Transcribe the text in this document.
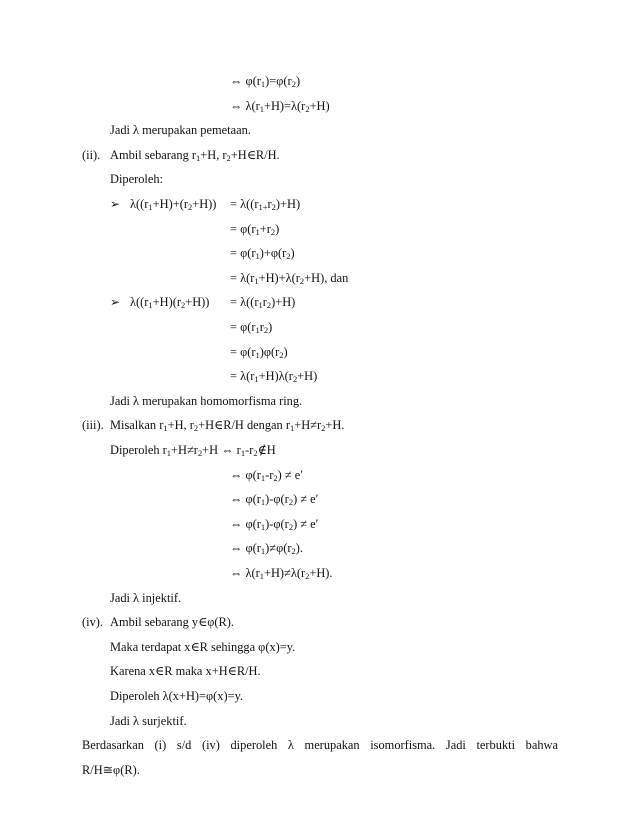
⇔ $\varphi(r_1)=\varphi(r_2)$
⇔ $\lambda(r_1+H)=\lambda(r_2+H)$
Jadi λ merupakan pemetaan.
(ii). Ambil sebarang $r_1+H$, $r_2+H\in R/H$.
Diperoleh:
➢ $\lambda((r_1+H)+(r_2+H)) = \lambda((r_{1+}r_2)+H)$
= $\varphi(r_1+r_2)$
= $\varphi(r_1)+\varphi(r_2)$
= $\lambda(r_1+H)+\lambda(r_2+H)$, dan
➢ $\lambda((r_1+H)(r_2+H)) = \lambda((r_1r_2)+H)$
= $\varphi(r_1r_2)$
= $\varphi(r_1)\varphi(r_2)$
= $\lambda(r_1+H)\lambda(r_2+H)$
Jadi λ merupakan homomorfisma ring.
(iii). Misalkan $r_1+H$, $r_2+H\in R/H$ dengan $r_1+H\ne r_2+H$.
Diperoleh $r_1+H\ne r_2+H$ ⇔ $r_1-r_2\notin H$
⇔ $\varphi(r_1-r_2) \ne e'$
⇔ $\varphi(r_1)-\varphi(r_2) \ne e'$
⇔ $\varphi(r_1)-\varphi(r_2) \ne e'$
⇔ $\varphi(r_1)\ne\varphi(r_2)$.
⇔ $\lambda(r_1+H)\ne\lambda(r_2+H)$.
Jadi λ injektif.
(iv). Ambil sebarang y∈φ(R).
Maka terdapat x∈R sehingga φ(x)=y.
Karena x∈R maka x+H∈R/H.
Diperoleh λ(x+H)=φ(x)=y.
Jadi λ surjektif.
Berdasarkan (i) s/d (iv) diperoleh λ merupakan isomorfisma. Jadi terbukti bahwa
R/H≅φ(R).
